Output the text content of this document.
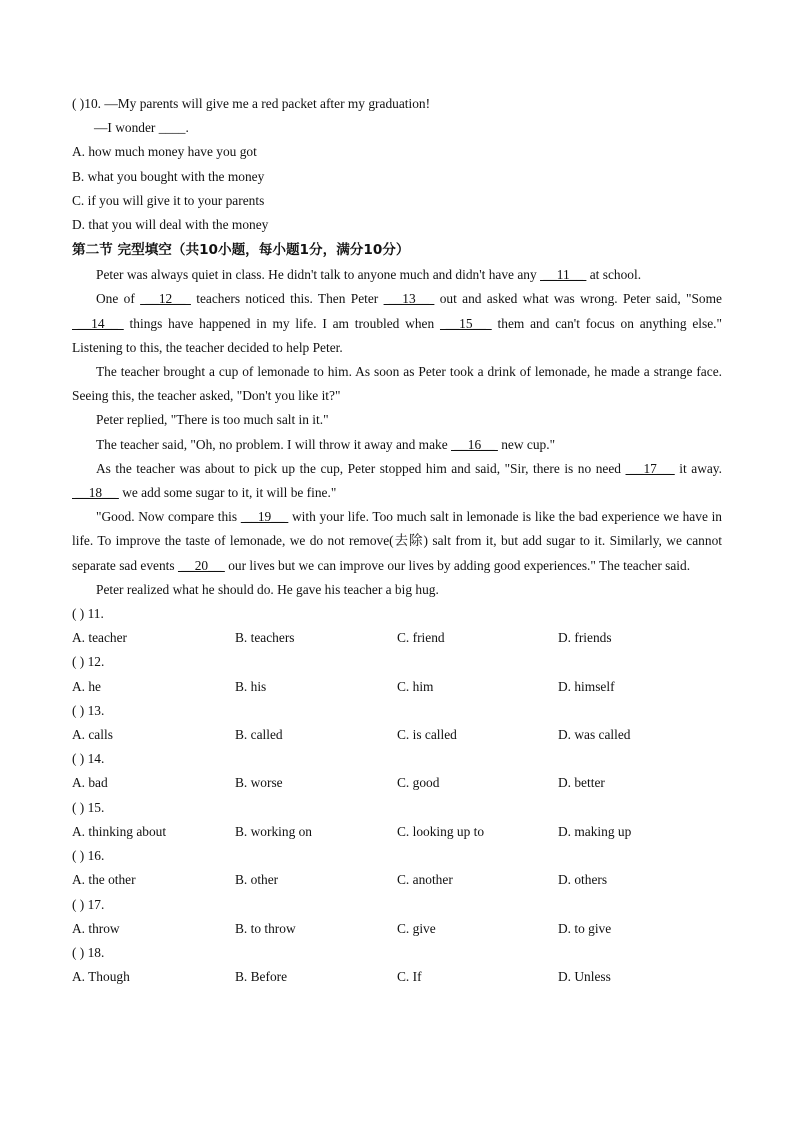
( )10. —My parents will give me a red packet after my graduation!
—I wonder ____.
A. how much money have you got
B. what you bought with the money
C. if you will give it to your parents
D. that you will deal with the money
第二节 完型填空（共10小题，每小题1分，满分10分）
Peter was always quiet in class. He didn't talk to anyone much and didn't have any  __11__  at school.
One of  __12__  teachers noticed this. Then Peter  __13__  out and asked what was wrong. Peter said, "Some  __14__  things have happened in my life. I am troubled when  __15__  them and can't focus on anything else." Listening to this, the teacher decided to help Peter.
The teacher brought a cup of lemonade to him. As soon as Peter took a drink of lemonade, he made a strange face. Seeing this, the teacher asked, "Don't you like it?"
Peter replied, "There is too much salt in it."
The teacher said, "Oh, no problem. I will throw it away and make  __16__  new cup."
As the teacher was about to pick up the cup, Peter stopped him and said, "Sir, there is no need  __17__  it away.  __18__  we add some sugar to it, it will be fine."
"Good. Now compare this  __19__  with your life. Too much salt in lemonade is like the bad experience we have in life. To improve the taste of lemonade, we do not remove(去除) salt from it, but add sugar to it. Similarly, we cannot separate sad events  __20__  our lives but we can improve our lives by adding good experiences." The teacher said.
Peter realized what he should do. He gave his teacher a big hug.
( ) 11.
A. teacher	B. teachers	C. friend	D. friends
( ) 12.
A. he	B. his	C. him	D. himself
( ) 13.
A. calls	B. called	C. is called	D. was called
( ) 14.
A. bad	B. worse	C. good	D. better
( ) 15.
A. thinking about	B. working on	C. looking up to	D. making up
( ) 16.
A. the other	B. other	C. another	D. others
( ) 17.
A. throw	B. to throw	C. give	D. to give
( ) 18.
A. Though	B. Before	C. If	D. Unless
